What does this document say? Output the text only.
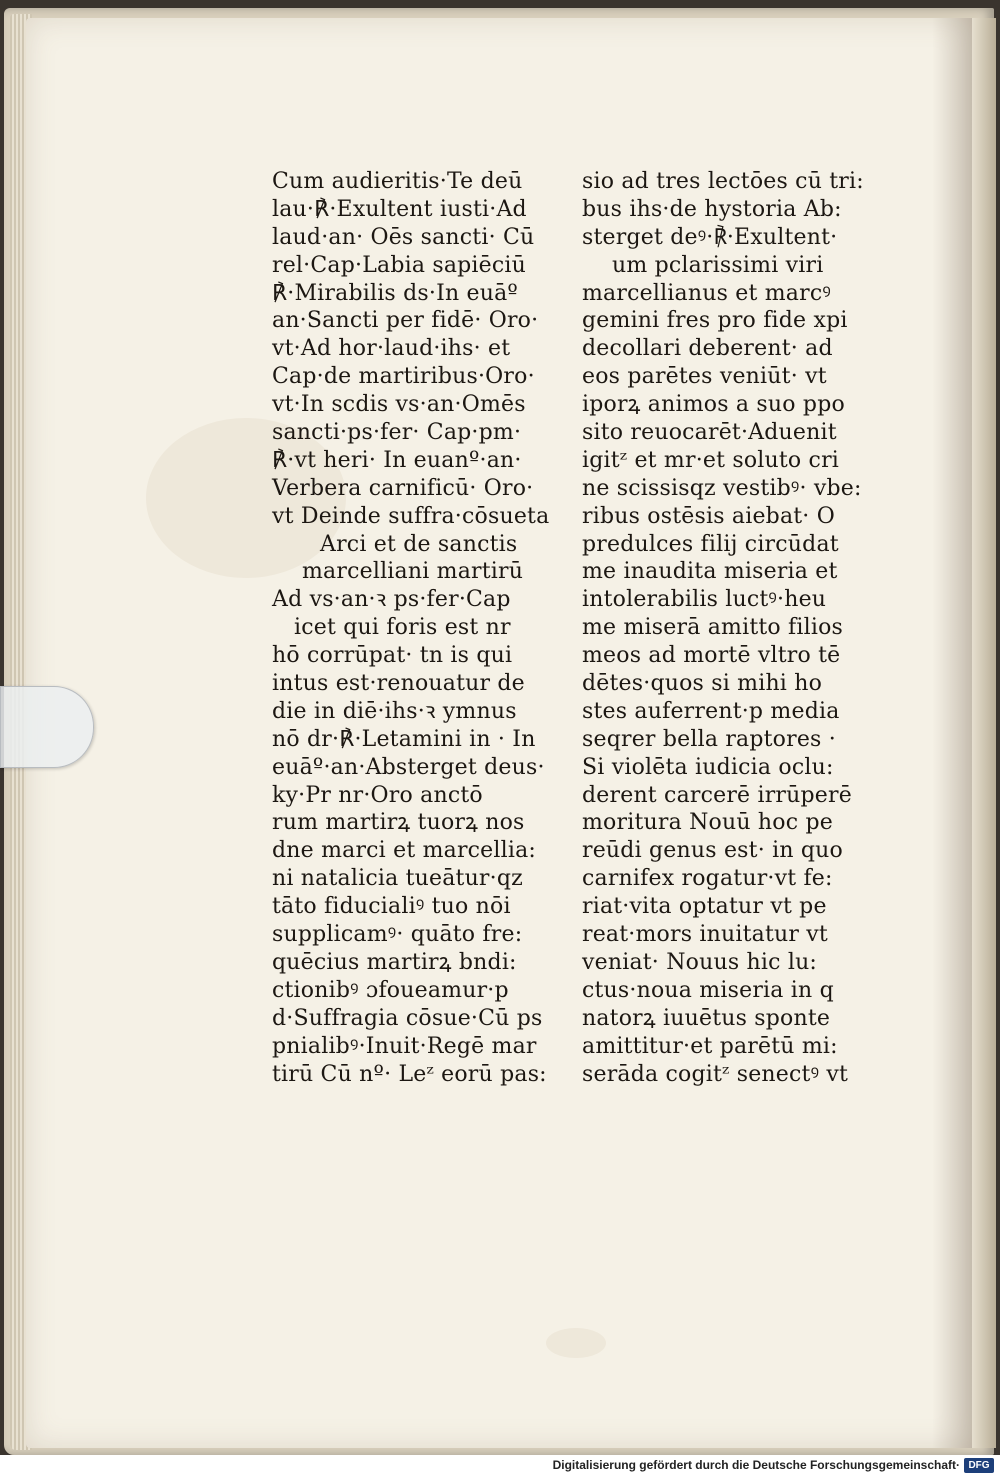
Cum audieritis·Te deū
lau·℟·Exultent iusti·Ad
laud·an· Oēs sancti· Cū
rel·Cap·Labia sapiēciū
℟·Mirabilis ds·In euāº
an·Sancti per fidē· Oro·
vt·Ad hor·laud·ihs· et
Cap·de martiribus·Oro·
vt·In scdis vs·an·Omēs
sancti·ps·fer· Cap·pm·
℟·vt heri· In euanº·an·
Verbera carnificū· Oro·
vt Deinde suffra·cōsueta
Arci et de sanctis
marcelliani martirū
Ad vs·an·ꝛ ps·fer·Cap
icet qui foris est nr
hō corrūpat· tn is qui
intus est·renouatur de
die in diē·ihs·ꝛ ymnus
nō dr·℟·Letamini in · In
euāº·an·Absterget deus·
ky·Pr nr·Oro anctō
rum martirꝝ tuorꝝ nos
dne marci et marcellia:
ni natalicia tueātur·qz
tāto fiducialiꝰ tuo nōi
supplicamꝰ· quāto fre:
quēcius martirꝝ bndi:
ctionibꝰ ɔfoueamur·p
d·Suffragia cōsue·Cū ps
pnialibꝰ·Inuit·Regē mar
tirū Cū nº· Leᶻ eorū pas:
sio ad tres lectōes cū tri:
bus ihs·de hystoria Ab:
sterget deꝰ·℟·Exultent·
um pclarissimi viri
marcellianus et marcꝰ
gemini fres pro fide xpi
decollari deberent· ad
eos parētes veniūt· vt
iporꝝ animos a suo ppo
sito reuocarēt·Aduenit
igitᶻ et mr·et soluto cri
ne scissisqz vestibꝰ· vbe:
ribus ostēsis aiebat· O
predulces filij circūdat
me inaudita miseria et
intolerabilis luctꝰ·heu
me miserā amitto filios
meos ad mortē vltro tē
dētes·quos si mihi ho
stes auferrent·p media
seqrer bella raptores ·
Si violēta iudicia oclu:
derent carcerē irrūperē
moritura Nouū hoc pe
reūdi genus est· in quo
carnifex rogatur·vt fe:
riat·vita optatur vt pe
reat·mors inuitatur vt
veniat· Nouus hic lu:
ctus·noua miseria in q
natorꝝ iuuētus sponte
amittitur·et parētū mi:
serāda cogitᶻ senectꝰ vt
Digitalisierung gefördert durch die Deutsche Forschungsgemeinschaft· DFG
